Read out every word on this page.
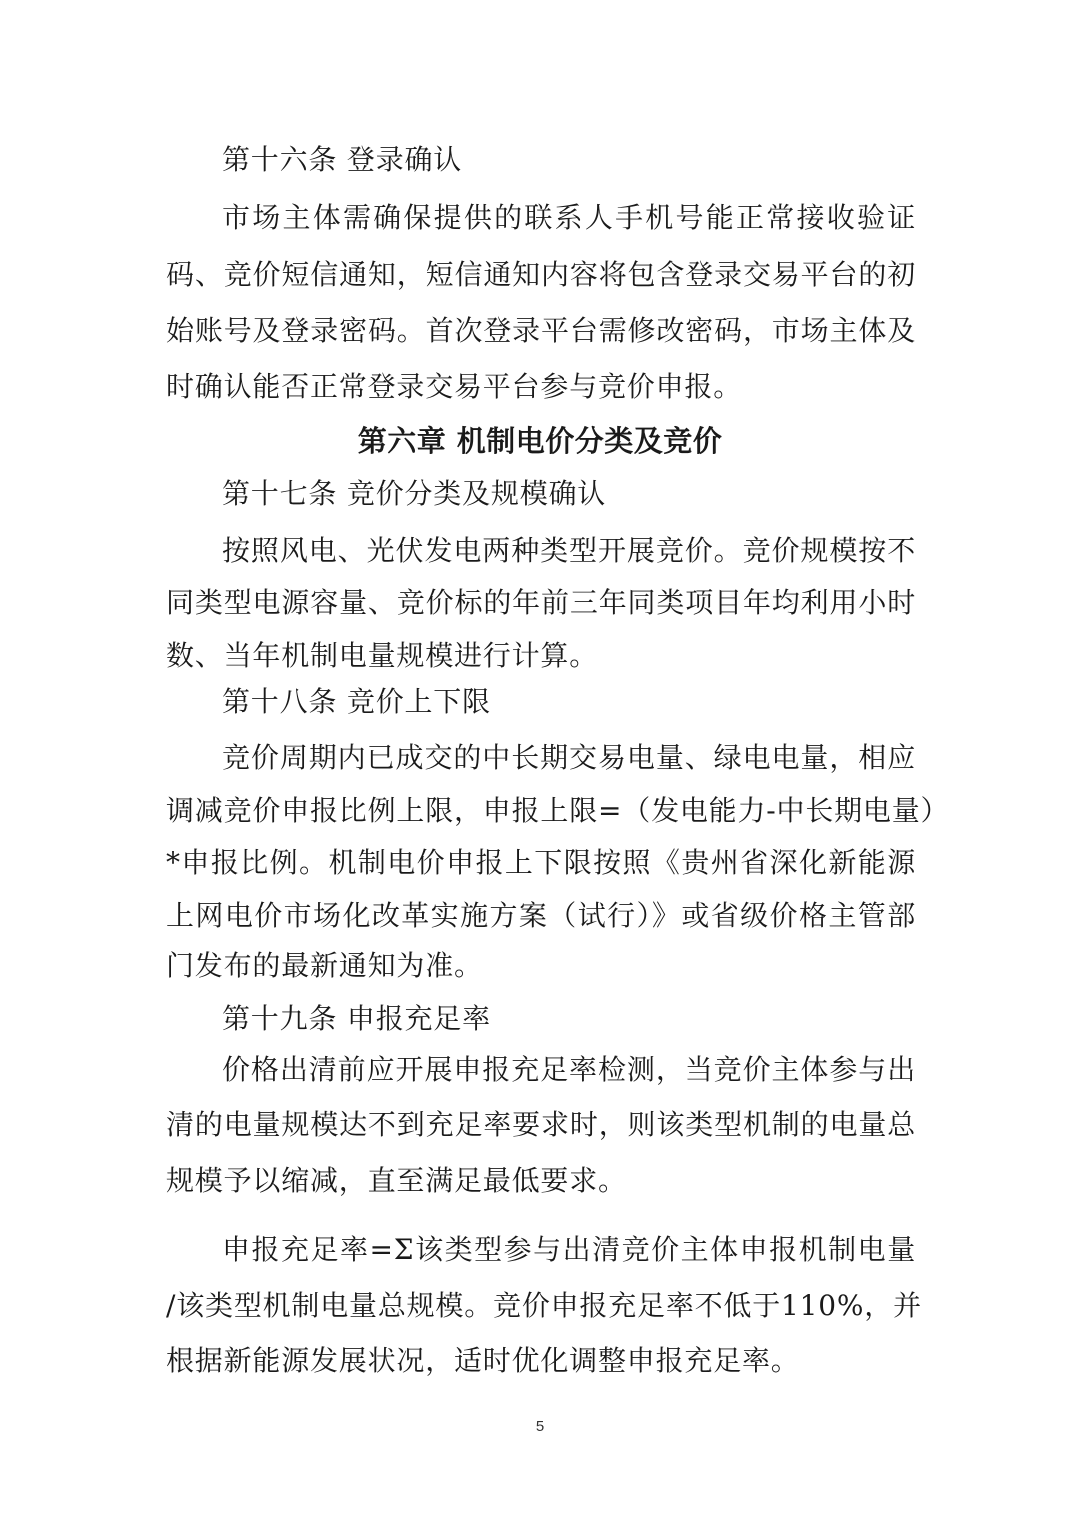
第十六条 登录确认
市场主体需确保提供的联系人手机号能正常接收验证
码、竞价短信通知，短信通知内容将包含登录交易平台的初
始账号及登录密码。首次登录平台需修改密码，市场主体及
时确认能否正常登录交易平台参与竞价申报。
第六章 机制电价分类及竞价
第十七条 竞价分类及规模确认
按照风电、光伏发电两种类型开展竞价。竞价规模按不
同类型电源容量、竞价标的年前三年同类项目年均利用小时
数、当年机制电量规模进行计算。
第十八条 竞价上下限
竞价周期内已成交的中长期交易电量、绿电电量，相应
调减竞价申报比例上限，申报上限=（发电能力-中长期电量）
*申报比例。机制电价申报上下限按照《贵州省深化新能源
上网电价市场化改革实施方案（试行）》或省级价格主管部
门发布的最新通知为准。
第十九条 申报充足率
价格出清前应开展申报充足率检测，当竞价主体参与出
清的电量规模达不到充足率要求时，则该类型机制的电量总
规模予以缩减，直至满足最低要求。
申报充足率=Σ该类型参与出清竞价主体申报机制电量
/该类型机制电量总规模。竞价申报充足率不低于110%，并
根据新能源发展状况，适时优化调整申报充足率。
5
